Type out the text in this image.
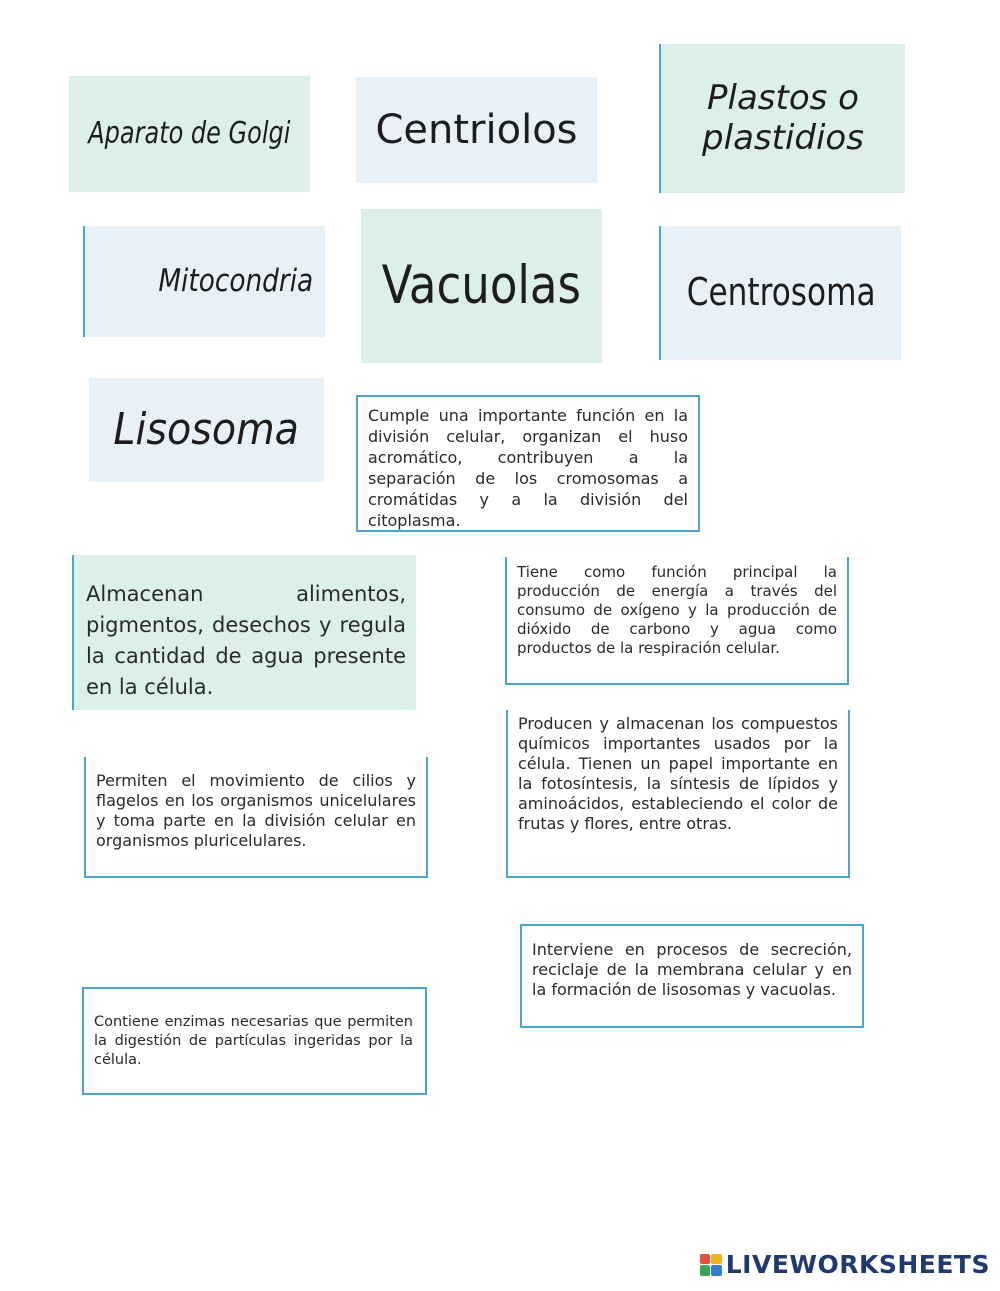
Aparato de Golgi Centriolos
Plastos o plastidios
Mitocondria Vacuolas	Centrosoma
Lisosoma	Cumple una importante función en la división celular, organizan el huso acromático, contribuyen a la separación de los cromosomas a cromátidas y a la división del citoplasma.
Almacenan alimentos, pigmentos, desechos y regula la cantidad de agua presente en la célula.
Tiene como función principal la producción de energía a través del consumo de oxígeno y la producción de dióxido de carbono y agua como productos de la respiración celular.
Producen y almacenan los compuestos químicos importantes usados por la célula. Tienen un papel importante en la fotosíntesis, la síntesis de lípidos y aminoácidos, estableciendo el color de frutas y flores, entre otras.
Permiten el movimiento de cilios y flagelos en los organismos unicelulares y toma parte en la división celular en organismos pluricelulares.
Interviene en procesos de secreción, reciclaje de la membrana celular y en la formación de lisosomas y vacuolas.
Contiene enzimas necesarias que permiten la digestión de partículas ingeridas por la célula.
LIVEWORKSHEETS
